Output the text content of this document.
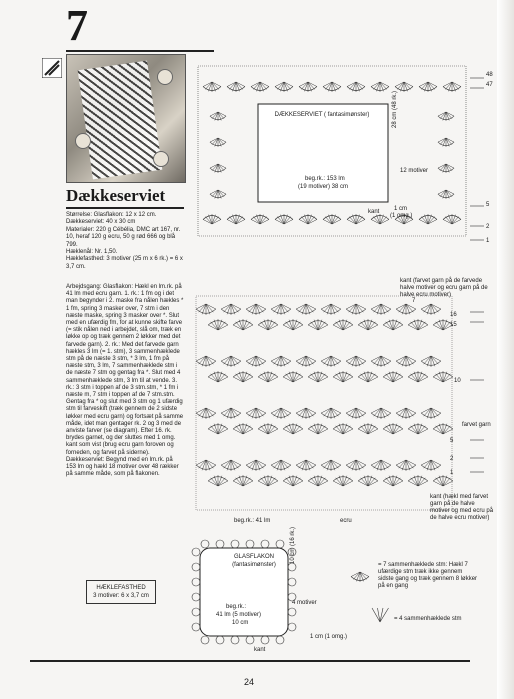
7
Dækkeserviet
Størrelse: Glasflakon: 12 x 12 cm. Dækkeserviet: 40 x 30 cm
Materialer: 220 g Cébélia, DMC art 167, nr. 10, heraf 120 g ecru, 50 g rød 666 og blå 799.
Hæklenål: Nr. 1,50.
Hæklefasthed: 3 motiver (25 m x 6 rk.) = 6 x 3,7 cm.
Arbejdsgang: Glasflakon: Hækl en lm.rk. på 41 lm med ecru garn. 1. rk.: 1 fm og i det man begynder i 2. maske fra nålen hækles * 1 fm, spring 3 masker over, 7 stm i den næste maske, spring 3 masker over *. Slut med en ufærdig fm, for at kunne skifte farve (= stik nålen ned i arbejdet, slå om, træk en løkke op og træk gennem 2 løkker med det farvede garn). 2. rk.: Med det farvede garn hækles 3 lm (= 1. stm), 3 sammenhæklede stm på de næste 3 stm, * 3 lm, 1 fm på næste stm, 3 lm, 7 sammenhæklede stm i de næste 7 stm og gentag fra *. Slut med 4 sammenhæklede stm, 3 lm til at vende. 3. rk.: 3 stm i toppen af de 3 stm.stm, * 1 fm i næste m, 7 stm i toppen af de 7 stm.stm. Gentag fra * og slut med 3 stm og 1 ufærdig stm til farveskift (træk gennem de 2 sidste løkker med ecru garn) og fortsæt på samme måde, idet man gentager rk. 2 og 3 med de anviste farver (se diagram). Efter 16. rk. brydes garnet, og der sluttes med 1 omg. kant som vist (brug ecru garn foroven og forneden, og farvet på siderne). Dækkeserviet: Begynd med en lm.rk. på 153 lm og hækl 18 motiver over 48 rækker på samme måde, som på flakonen.
HÆKLEFASTHED
3 motiver: 6 x 3,7 cm
DÆKKESERVIET ( fantasimønster)
beg.rk.: 153 lm
(19 motiver) 38 cm
28 cm (48 rk.)
12 motiver
1 cm
(1 omg.)
kant
48
47
5
2
1
kant (farvet garn på de farvede halve motiver og ecru garn på de halve ecru motiver)
7
16
15
10
5
2
1
farvet garn
ecru
beg.rk.: 41 lm
kant (hækl med farvet garn på de halve motiver og med ecru på de halve ecru motiver)
GLASFLAKON
(fantasimønster)
10 cm (16 rk.)
beg.rk.:
41 lm (5 motiver)
10 cm
4 motiver
kant
1 cm (1 omg.)
= 7 sammenhæklede stm: Hækl 7 ufærdige stm træk ikke gennem sidste gang og træk gennem 8 løkker på en gang
= 4 sammenhæklede stm
24
